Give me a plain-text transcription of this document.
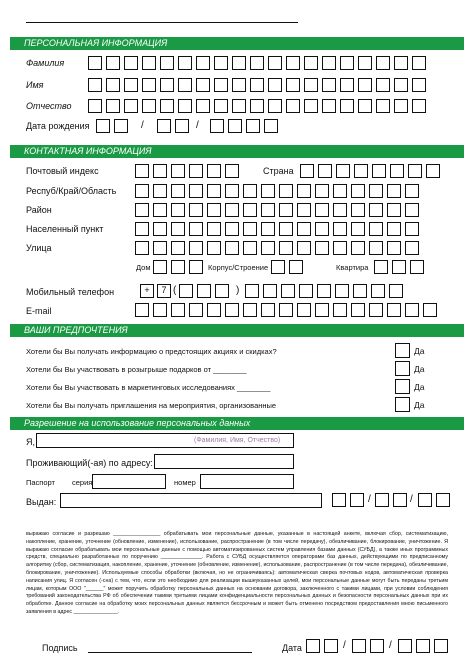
ПЕРСОНАЛЬНАЯ ИНФОРМАЦИЯ
Фамилия
Имя
Отчество
Дата рождения	/	/
КОНТАКТНАЯ ИНФОРМАЦИЯ
Почтовый индекс	Страна
Респуб/Край/Область
Район
Населенный пункт
Улица
Дом	Корпус/Строение	Квартира
Мобильный телефон	+	7 (	)
E-mail
ВАШИ ПРЕДПОЧТЕНИЯ
Хотели бы Вы получать информацию о предстоящих акциях и скидках?	Да
Хотели бы Вы участвовать в розыгрыше подарков от ________	Да
Хотели бы Вы участвовать в маркетинговых исследованиях ________	Да
Хотели бы Вы получать приглашения на мероприятия, организованные	Да
Разрешение на использование персональных данных
Я,	(Фамилия, Имя, Отчество)
Проживающий(-ая) по адресу:
Паспорт серия	номер
Выдан:	/	/

выражаю согласие и разрешаю ________________ обрабатывать мои персональные данные, указанные в настоящей анкете, включая сбор, систематизацию, накопление, хранение, уточнение (обновление, изменение), использование, распространение (в том числе передачу), обезличивание, блокирование, уничтожение. Я выражаю согласие обрабатывать мои персональные данные с помощью автоматизированных систем управления базами данных (СУБД), а также иных программных средств, специально разработанных по поручению ______________. Работа с СУБД осуществляется операторами баз данных, действующими по предписанному алгоритму (сбор, систематизация, накопление, хранение, уточнение (обновление, изменение), использование, распространение (в том числе передача), обезличивание, блокирование, уничтожение). Используемые способы обработки (включая, но не ограничиваясь): автоматическая сверка почтовых кодов, автоматическая проверка написания улиц. Я согласен (-сна) с тем, что, если это необходимо для реализации вышеуказанных целей, мои персональные данные могут быть переданы третьим лицам, которым ООО "______" может поручить обработку персональных данных на основании договора, заключенного с такими лицами, при условии соблюдения требований законодательства РФ об обеспечении такими третьими лицами конфиденциальности персональных данных и безопасности персональных данных при их обработке. Данное согласие на обработку моих персональных данных является бессрочным и может быть отменено посредством предоставления мною письменного заявления в адрес _______________.

Подпись	Дата	/	/
